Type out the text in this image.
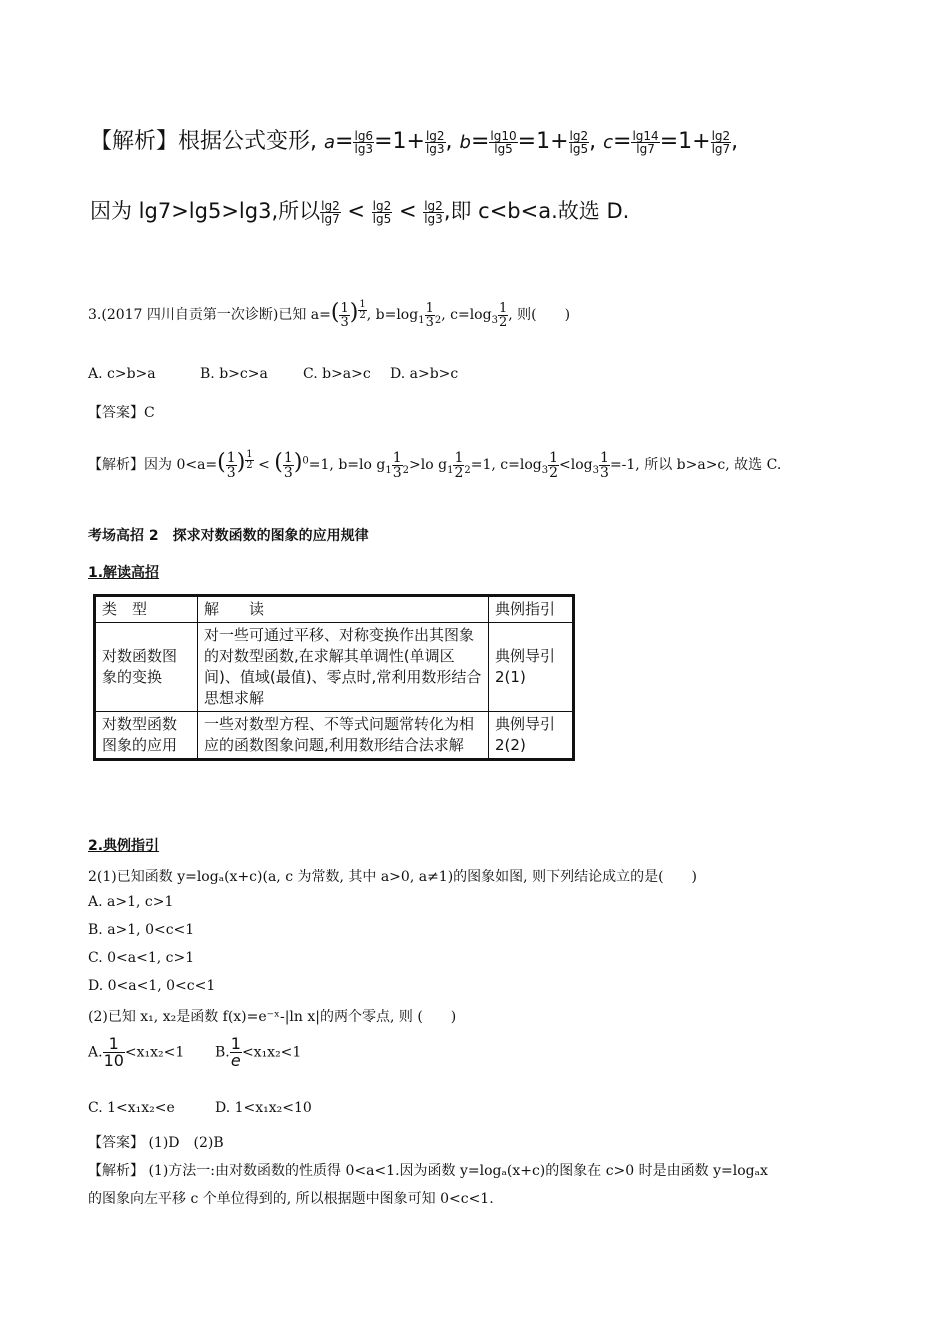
【解析】根据公式变形, $a= \frac{\lg 6}{\lg 3} =1+ \frac{\lg 2}{\lg 3}$ , $b= \frac{\lg 10}{\lg 5} =1+ \frac{\lg 2}{\lg 5}$ , $c= \frac{\lg 14}{\lg 7} =1+ \frac{\lg 2}{\lg 7}$ ,
因为 lg7>lg5>lg3,所以 $\frac{\lg 2}{\lg 7} < \frac{\lg 2}{\lg 5} < \frac{\lg 2}{\lg 3}$ ,即 c<b<a.故选 D.
3.(2017 四川自贡第一次诊断)已知 $a=( \frac{1}{3}$ ) $^{\frac{1}{2}}$ , $b=\log_1 \frac{1}{3} _2$, $c=\log_3 \frac{1}{2}$ , 则(　　)
A. c>b>a	B. b>c>a	C. b>a>c D. a>b>c
【答案】C
【解析】因为 $0<a=( \frac{1}{3}$ ) $^{\frac{1}{2}}$ < ( $\frac{1}{3} )^0=1$, b=lo $g_1 \frac{1}{3} _2>lo$ $g_1 \frac{1}{2} _2=1$, $c=\log_3 \frac{1}{2} <\log_3 \frac{1}{3} =-1$, 所以 b>a>c, 故选 C.
考场高招 2　探求对数函数的图象的应用规律
1.解读高招
类　型	解　　读	典例指引
对数函数图象的变换	对一些可通过平移、对称变换作出其图象的对数型函数,在求解其单调性(单调区间)、值域(最值)、零点时,常利用数形结合思想求解	典例导引2(1)
对数型函数图象的应用	一些对数型方程、不等式问题常转化为相应的函数图象问题,利用数形结合法求解	典例导引2(2)
2.典例指引
2(1)已知函数 y=logₐ(x+c)(a, c 为常数, 其中 a>0, a≠1)的图象如图, 则下列结论成立的是(　　)
A. a>1, c>1
B. a>1, 0<c<1
C. 0<a<1, c>1
D. 0<a<1, 0<c<1
(2)已知 x₁, x₂是函数 f(x)=e⁻ˣ-|ln x|的两个零点, 则 (　　)
A. $\frac{1}{10} <x_1x_2<1$ B. $\frac{1}{e} <x_1x_2<1$
C. 1<x₁x₂<e	D. 1<x₁x₂<10
【答案】 (1)D　(2)B
【解析】 (1)方法一:由对数函数的性质得 0<a<1.因为函数 y=logₐ(x+c)的图象在 c>0 时是由函数 y=logₐx
的图象向左平移 c 个单位得到的, 所以根据题中图象可知 0<c<1.
